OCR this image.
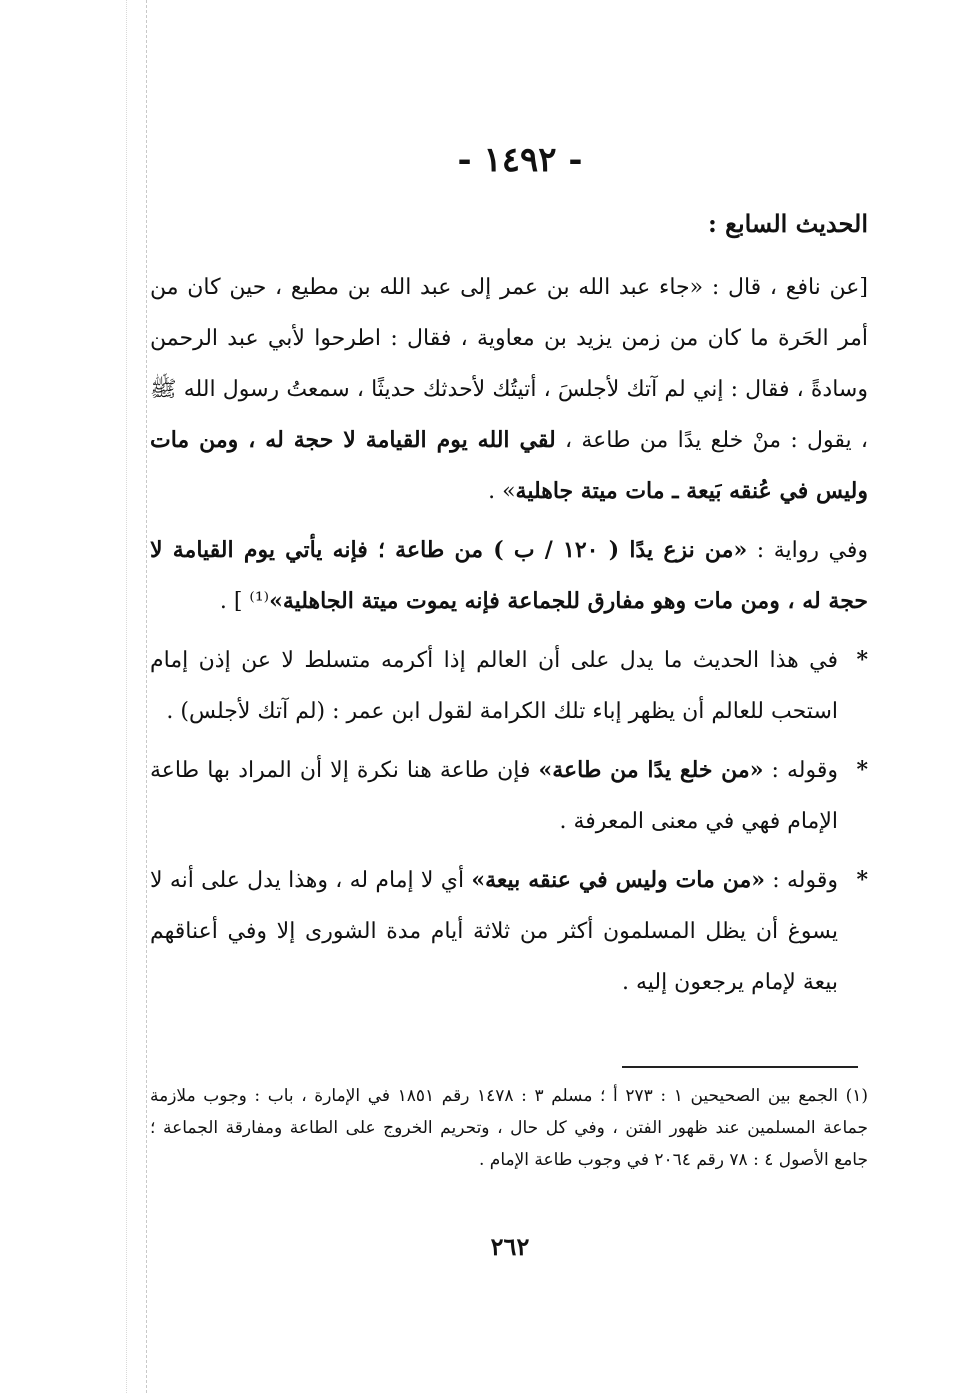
- ١٤٩٢ -
الحديث السابع :

[عن نافع ، قال : «جاء عبد الله بن عمر إلى عبد الله بن مطيع ، حين كان من أمر الحَرة ما كان من زمن يزيد بن معاوية ، فقال : اطرحوا لأبي عبد الرحمن وسادةً ، فقال : إني لم آتك لأجلسَ ، أتيتُك لأحدثك حديثًا ، سمعتُ رسول الله ﷺ ، يقول : منْ خلع يدًا من طاعة ، لقي الله يوم القيامة لا حجة له ، ومن مات وليس في عُنقه بَيعة ـ مات ميتة جاهلية» .

وفي رواية : «من نزع يدًا ( ١٢٠ / ب ) من طاعة ؛ فإنه يأتي يوم القيامة لا حجة له ، ومن مات وهو مفارق للجماعة فإنه يموت ميتة الجاهلية»⁽¹⁾ ] .

*
في هذا الحديث ما يدل على أن العالم إذا أكرمه متسلط لا عن إذن إمام استحب للعالم أن يظهر إباء تلك الكرامة لقول ابن عمر : (لم آتك لأجلس) .

*
وقوله : «من خلع يدًا من طاعة» فإن طاعة هنا نكرة إلا أن المراد بها طاعة الإمام فهي في معنى المعرفة .

*
وقوله : «من مات وليس في عنقه بيعة» أي لا إمام له ، وهذا يدل على أنه لا يسوغ أن يظل المسلمون أكثر من ثلاثة أيام مدة الشورى إلا وفي أعناقهم بيعة لإمام يرجعون إليه .

(١) الجمع بين الصحيحين ١ : ٢٧٣ أ ؛ مسلم ٣ : ١٤٧٨ رقم ١٨٥١ في الإمارة ، باب : وجوب ملازمة جماعة المسلمين عند ظهور الفتن ، وفي كل حال ، وتحريم الخروج على الطاعة ومفارقة الجماعة ؛ جامع الأصول ٤ : ٧٨ رقم ٢٠٦٤ في وجوب طاعة الإمام .
٢٦٢
